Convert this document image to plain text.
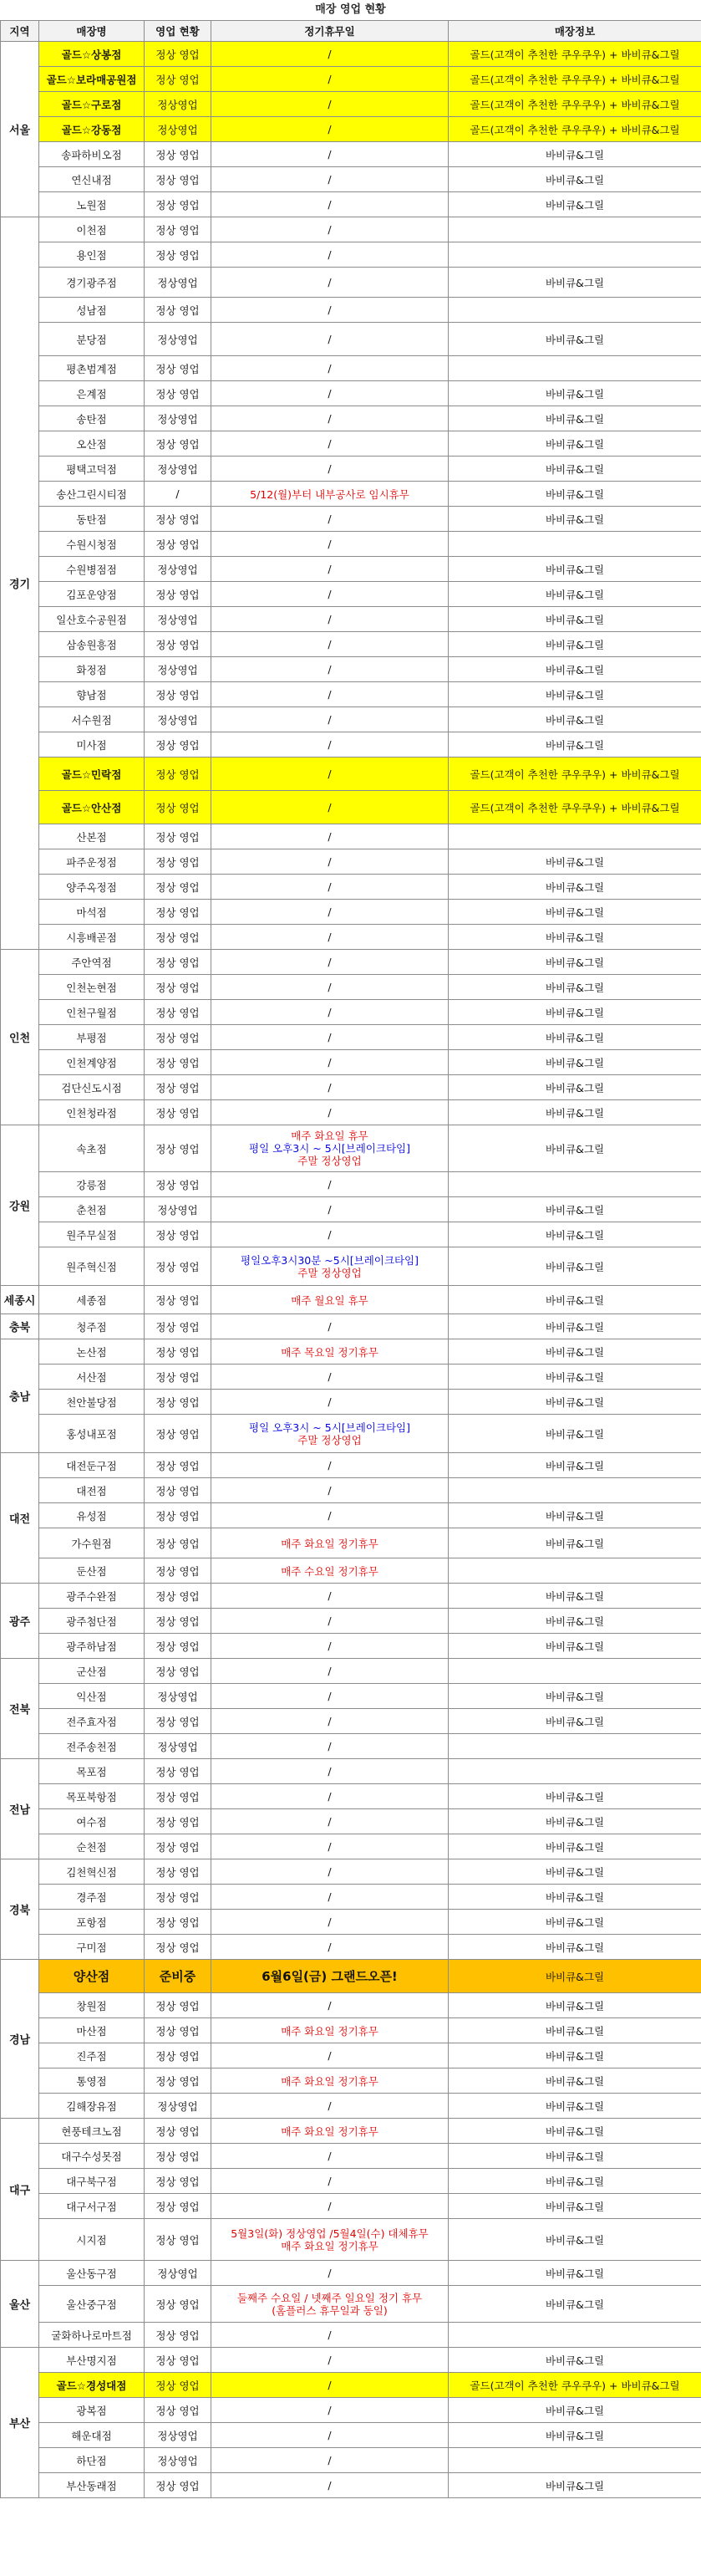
매장 영업 현황
지역	매장명	영업 현황	정기휴무일	매장정보
서울	골드☆상봉점	정상 영업	/	골드(고객이 추천한 쿠우쿠우) + 바비큐&그릴
	골드☆보라매공원점	정상 영업	/	골드(고객이 추천한 쿠우쿠우) + 바비큐&그릴
	골드☆구로점	정상영업	/	골드(고객이 추천한 쿠우쿠우) + 바비큐&그릴
	골드☆강동점	정상영업	/	골드(고객이 추천한 쿠우쿠우) + 바비큐&그릴
	송파하비오점	정상 영업	/	바비큐&그릴
	연신내점	정상 영업	/	바비큐&그릴
	노원점	정상 영업	/	바비큐&그릴
경기	이천점	정상 영업	/	
	용인점	정상 영업	/	
	경기광주점	정상영업	/	바비큐&그릴
	성남점	정상 영업	/	
	분당점	정상영업	/	바비큐&그릴
	평촌범계점	정상 영업	/	
	은계점	정상 영업	/	바비큐&그릴
	송탄점	정상영업	/	바비큐&그릴
	오산점	정상 영업	/	바비큐&그릴
	평택고덕점	정상영업	/	바비큐&그릴
	송산그린시티점	/	5/12(월)부터 내부공사로 임시휴무	바비큐&그릴
	동탄점	정상 영업	/	바비큐&그릴
	수원시청점	정상 영업	/	
	수원병점점	정상영업	/	바비큐&그릴
	김포운양점	정상 영업	/	바비큐&그릴
	일산호수공원점	정상영업	/	바비큐&그릴
	삼송원흥점	정상 영업	/	바비큐&그릴
	화정점	정상영업	/	바비큐&그릴
	향남점	정상 영업	/	바비큐&그릴
	서수원점	정상영업	/	바비큐&그릴
	미사점	정상 영업	/	바비큐&그릴
	골드☆민락점	정상 영업	/	골드(고객이 추천한 쿠우쿠우) + 바비큐&그릴
	골드☆안산점	정상 영업	/	골드(고객이 추천한 쿠우쿠우) + 바비큐&그릴
	산본점	정상 영업	/	
	파주운정점	정상 영업	/	바비큐&그릴
	양주옥정점	정상 영업	/	바비큐&그릴
	마석점	정상 영업	/	바비큐&그릴
	시흥배곧점	정상 영업	/	바비큐&그릴
인천	주안역점	정상 영업	/	바비큐&그릴
	인천논현점	정상 영업	/	바비큐&그릴
	인천구월점	정상 영업	/	바비큐&그릴
	부평점	정상 영업	/	바비큐&그릴
	인천계양점	정상 영업	/	바비큐&그릴
	검단신도시점	정상 영업	/	바비큐&그릴
	인천청라점	정상 영업	/	바비큐&그릴
강원	속초점	정상 영업	매주 화요일 휴무
평일 오후3시 ~ 5시[브레이크타임]
주말 정상영업	바비큐&그릴
	강릉점	정상 영업	/	
	춘천점	정상영업	/	바비큐&그릴
	원주무실점	정상 영업	/	바비큐&그릴
	원주혁신점	정상 영업	평일오후3시30분 ~5시[브레이크타임]
주말 정상영업	바비큐&그릴
세종시	세종점	정상 영업	매주 월요일 휴무	바비큐&그릴
충북	청주점	정상 영업	/	바비큐&그릴
충남	논산점	정상 영업	매주 목요일 정기휴무	바비큐&그릴
	서산점	정상 영업	/	바비큐&그릴
	천안불당점	정상 영업	/	바비큐&그릴
	홍성내포점	정상 영업	평일 오후3시 ~ 5시[브레이크타임]
주말 정상영업	바비큐&그릴
대전	대전둔구점	정상 영업	/	바비큐&그릴
	대전점	정상 영업	/	
	유성점	정상 영업	/	바비큐&그릴
	가수원점	정상 영업	매주 화요일 정기휴무	바비큐&그릴
	둔산점	정상 영업	매주 수요일 정기휴무	
광주	광주수완점	정상 영업	/	바비큐&그릴
	광주첨단점	정상 영업	/	바비큐&그릴
	광주하남점	정상 영업	/	바비큐&그릴
전북	군산점	정상 영업	/	
	익산점	정상영업	/	바비큐&그릴
	전주효자점	정상 영업	/	바비큐&그릴
	전주송천점	정상영업	/	
전남	목포점	정상 영업	/	
	목포북항점	정상 영업	/	바비큐&그릴
	여수점	정상 영업	/	바비큐&그릴
	순천점	정상 영업	/	바비큐&그릴
경북	김천혁신점	정상 영업	/	바비큐&그릴
	경주점	정상 영업	/	바비큐&그릴
	포항점	정상 영업	/	바비큐&그릴
	구미점	정상 영업	/	바비큐&그릴
경남	양산점	준비중	6월6일(금) 그랜드오픈!	바비큐&그릴
	창원점	정상 영업	/	바비큐&그릴
	마산점	정상 영업	매주 화요일 정기휴무	바비큐&그릴
	진주점	정상 영업	/	바비큐&그릴
	통영점	정상 영업	매주 화요일 정기휴무	바비큐&그릴
	김해장유점	정상영업	/	바비큐&그릴
대구	현풍테크노점	정상 영업	매주 화요일 정기휴무	바비큐&그릴
	대구수성못점	정상 영업	/	바비큐&그릴
	대구북구점	정상 영업	/	바비큐&그릴
	대구서구점	정상 영업	/	바비큐&그릴
	시지점	정상 영업	5월3일(화) 정상영업 /5월4일(수) 대체휴무
매주 화요일 정기휴무	바비큐&그릴
울산	울산동구점	정상영업	/	바비큐&그릴
	울산중구점	정상 영업	둘째주 수요일 / 넷째주 일요일 정기 휴무
(홈플러스 휴무일과 동일)	바비큐&그릴
	굴화하나로마트점	정상 영업	/	
부산	부산명지점	정상 영업	/	바비큐&그릴
	골드☆경성대점	정상 영업	/	골드(고객이 추천한 쿠우쿠우) + 바비큐&그릴
	광복점	정상 영업	/	바비큐&그릴
	해운대점	정상영업	/	바비큐&그릴
	하단점	정상영업	/	
	부산동래점	정상 영업	/	바비큐&그릴
